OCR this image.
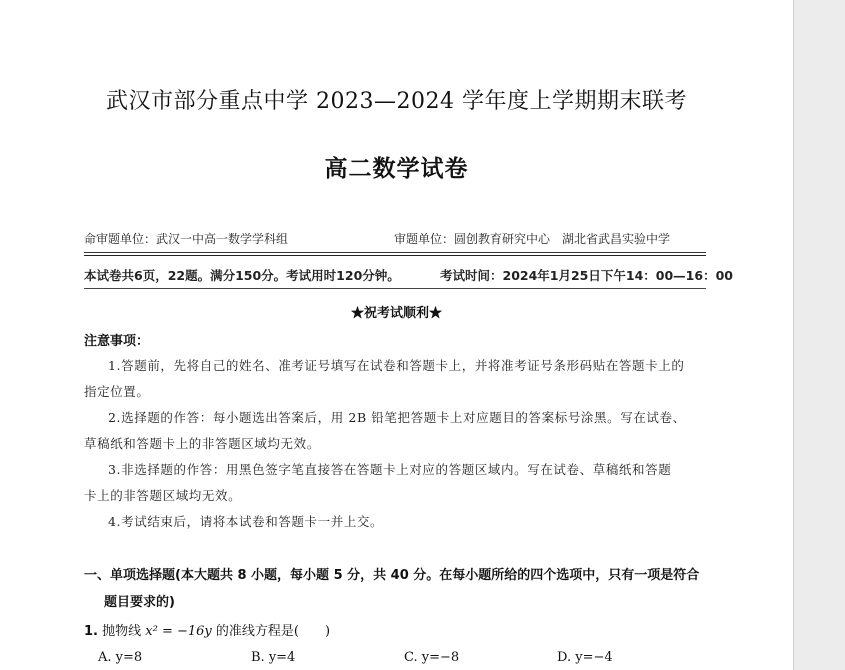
武汉市部分重点中学 2023—2024 学年度上学期期末联考
高二数学试卷
命审题单位：武汉一中高一数学学科组	审题单位：圆创教育研究中心　湖北省武昌实验中学
本试卷共6页，22题。满分150分。考试用时120分钟。	考试时间：2024年1月25日下午14：00—16：00
★祝考试顺利★
注意事项：
1.答题前，先将自己的姓名、准考证号填写在试卷和答题卡上，并将准考证号条形码贴在答题卡上的
指定位置。
2.选择题的作答：每小题选出答案后，用 2B 铅笔把答题卡上对应题目的答案标号涂黑。写在试卷、
草稿纸和答题卡上的非答题区域均无效。
3.非选择题的作答：用黑色签字笔直接答在答题卡上对应的答题区域内。写在试卷、草稿纸和答题
卡上的非答题区域均无效。
4.考试结束后，请将本试卷和答题卡一并上交。
一、单项选择题(本大题共 8 小题，每小题 5 分，共 40 分。在每小题所给的四个选项中，只有一项是符合
题目要求的)
1. 抛物线 x² = −16y 的准线方程是(　　)
A. y=8	B. y=4	C. y=−8	D. y=−4
